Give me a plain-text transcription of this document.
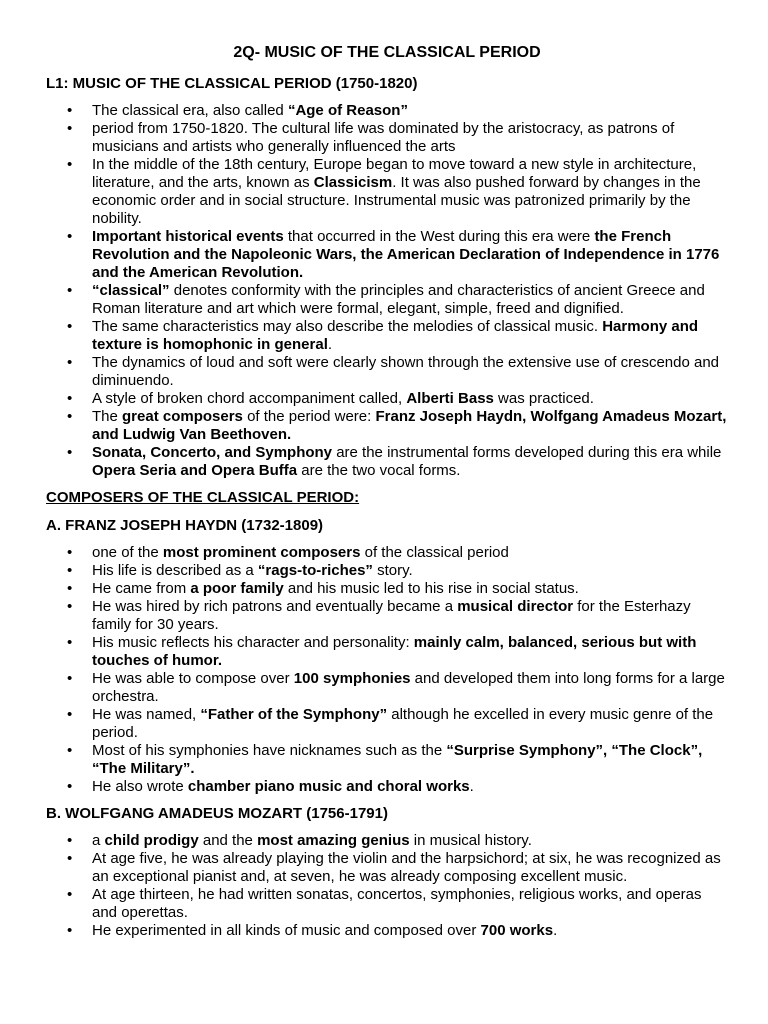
2Q- MUSIC OF THE CLASSICAL PERIOD
L1: MUSIC OF THE CLASSICAL PERIOD (1750-1820)
• The classical era, also called “Age of Reason”
• period from 1750-1820. The cultural life was dominated by the aristocracy, as patrons of musicians and artists who generally influenced the arts
• In the middle of the 18th century, Europe began to move toward a new style in architecture, literature, and the arts, known as Classicism. It was also pushed forward by changes in the economic order and in social structure. Instrumental music was patronized primarily by the nobility.
• Important historical events that occurred in the West during this era were the French Revolution and the Napoleonic Wars, the American Declaration of Independence in 1776 and the American Revolution.
• “classical” denotes conformity with the principles and characteristics of ancient Greece and Roman literature and art which were formal, elegant, simple, freed and dignified.
• The same characteristics may also describe the melodies of classical music. Harmony and texture is homophonic in general.
• The dynamics of loud and soft were clearly shown through the extensive use of crescendo and diminuendo.
• A style of broken chord accompaniment called, Alberti Bass was practiced.
• The great composers of the period were: Franz Joseph Haydn, Wolfgang Amadeus Mozart, and Ludwig Van Beethoven.
• Sonata, Concerto, and Symphony are the instrumental forms developed during this era while Opera Seria and Opera Buffa are the two vocal forms.
COMPOSERS OF THE CLASSICAL PERIOD:
A. FRANZ JOSEPH HAYDN (1732-1809)
• one of the most prominent composers of the classical period
• His life is described as a “rags-to-riches” story.
• He came from a poor family and his music led to his rise in social status.
• He was hired by rich patrons and eventually became a musical director for the Esterhazy family for 30 years.
• His music reflects his character and personality: mainly calm, balanced, serious but with touches of humor.
• He was able to compose over 100 symphonies and developed them into long forms for a large orchestra.
• He was named, “Father of the Symphony” although he excelled in every music genre of the period.
• Most of his symphonies have nicknames such as the “Surprise Symphony”, “The Clock”, “The Military”.
• He also wrote chamber piano music and choral works.
B. WOLFGANG AMADEUS MOZART (1756-1791)
• a child prodigy and the most amazing genius in musical history.
• At age five, he was already playing the violin and the harpsichord; at six, he was recognized as an exceptional pianist and, at seven, he was already composing excellent music.
• At age thirteen, he had written sonatas, concertos, symphonies, religious works, and operas and operettas.
• He experimented in all kinds of music and composed over 700 works.
